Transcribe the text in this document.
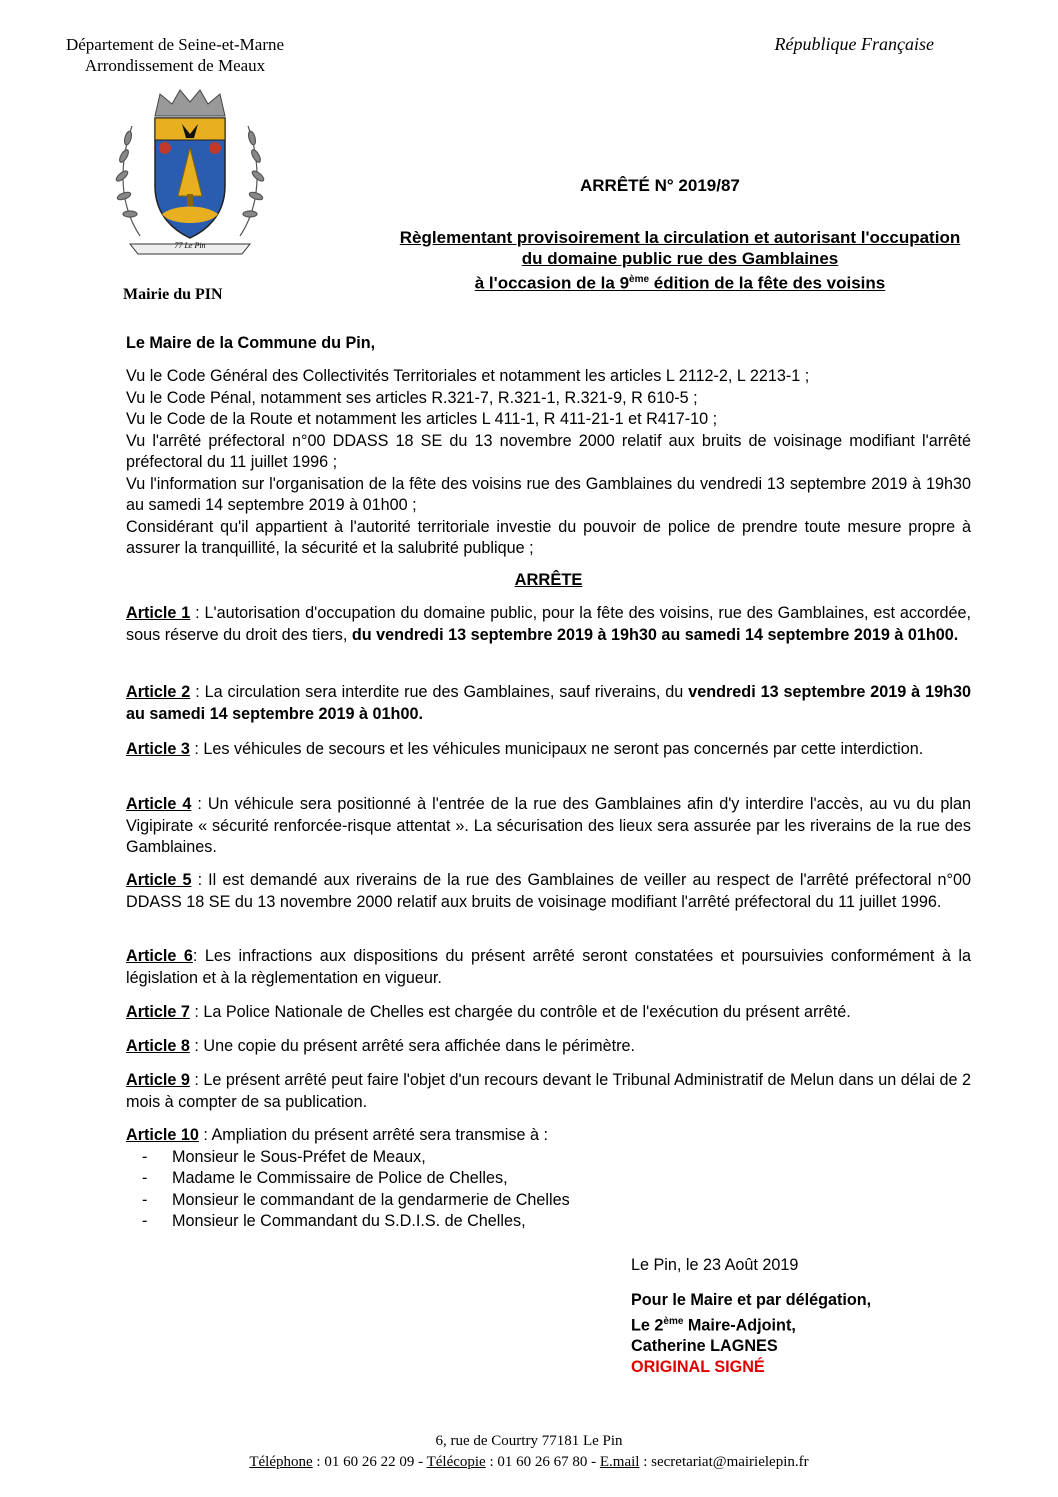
Département de Seine-et-Marne
Arrondissement de Meaux
République Française
77 Le Pin
Mairie du PIN
ARRÊTÉ N° 2019/87
Règlementant provisoirement la circulation et autorisant l'occupation
du domaine public rue des Gamblaines
à l'occasion de la 9ème édition de la fête des voisins

Le Maire de la Commune du Pin,

Vu le Code Général des Collectivités Territoriales et notamment les articles L 2112-2, L 2213-1 ;

Vu le Code Pénal, notamment ses articles R.321-7, R.321-1, R.321-9, R 610-5 ;

Vu le Code de la Route et notamment les articles L 411-1, R 411-21-1 et R417-10 ;

Vu l'arrêté préfectoral n°00 DDASS 18 SE du 13 novembre 2000 relatif aux bruits de voisinage modifiant l'arrêté préfectoral du 11 juillet 1996 ;

Vu l'information sur l'organisation de la fête des voisins rue des Gamblaines du vendredi 13 septembre 2019 à 19h30 au samedi 14 septembre 2019 à 01h00 ;

Considérant qu'il appartient à l'autorité territoriale investie du pouvoir de police de prendre toute mesure propre à assurer la tranquillité, la sécurité et la salubrité publique ;

ARRÊTE

Article 1 : L'autorisation d'occupation du domaine public, pour la fête des voisins, rue des Gamblaines, est accordée, sous réserve du droit des tiers, du vendredi 13 septembre 2019 à 19h30 au samedi 14 septembre 2019 à 01h00.

Article 2 : La circulation sera interdite rue des Gamblaines, sauf riverains, du vendredi 13 septembre 2019 à 19h30 au samedi 14 septembre 2019 à 01h00.

Article 3 : Les véhicules de secours et les véhicules municipaux ne seront pas concernés par cette interdiction.

Article 4 : Un véhicule sera positionné à l'entrée de la rue des Gamblaines afin d'y interdire l'accès, au vu du plan Vigipirate « sécurité renforcée-risque attentat ». La sécurisation des lieux sera assurée par les riverains de la rue des Gamblaines.

Article 5 : Il est demandé aux riverains de la rue des Gamblaines de veiller au respect de l'arrêté préfectoral n°00 DDASS 18 SE du 13 novembre 2000 relatif aux bruits de voisinage modifiant l'arrêté préfectoral du 11 juillet 1996.

Article 6: Les infractions aux dispositions du présent arrêté seront constatées et poursuivies conformément à la législation et à la règlementation en vigueur.

Article 7 : La Police Nationale de Chelles est chargée du contrôle et de l'exécution du présent arrêté.

Article 8 : Une copie du présent arrêté sera affichée dans le périmètre.

Article 9 : Le présent arrêté peut faire l'objet d'un recours devant le Tribunal Administratif de Melun dans un délai de 2 mois à compter de sa publication.

Article 10 : Ampliation du présent arrêté sera transmise à :

- Monsieur le Sous-Préfet de Meaux,
- Madame le Commissaire de Police de Chelles,
- Monsieur le commandant de la gendarmerie de Chelles
- Monsieur le Commandant du S.D.I.S. de Chelles,
Le Pin, le 23 Août 2019
Pour le Maire et par délégation,
Le 2ème Maire-Adjoint,
Catherine LAGNES
ORIGINAL SIGNÉ
6, rue de Courtry 77181 Le Pin
Téléphone : 01 60 26 22 09 - Télécopie : 01 60 26 67 80 - E.mail : secretariat@mairielepin.fr
